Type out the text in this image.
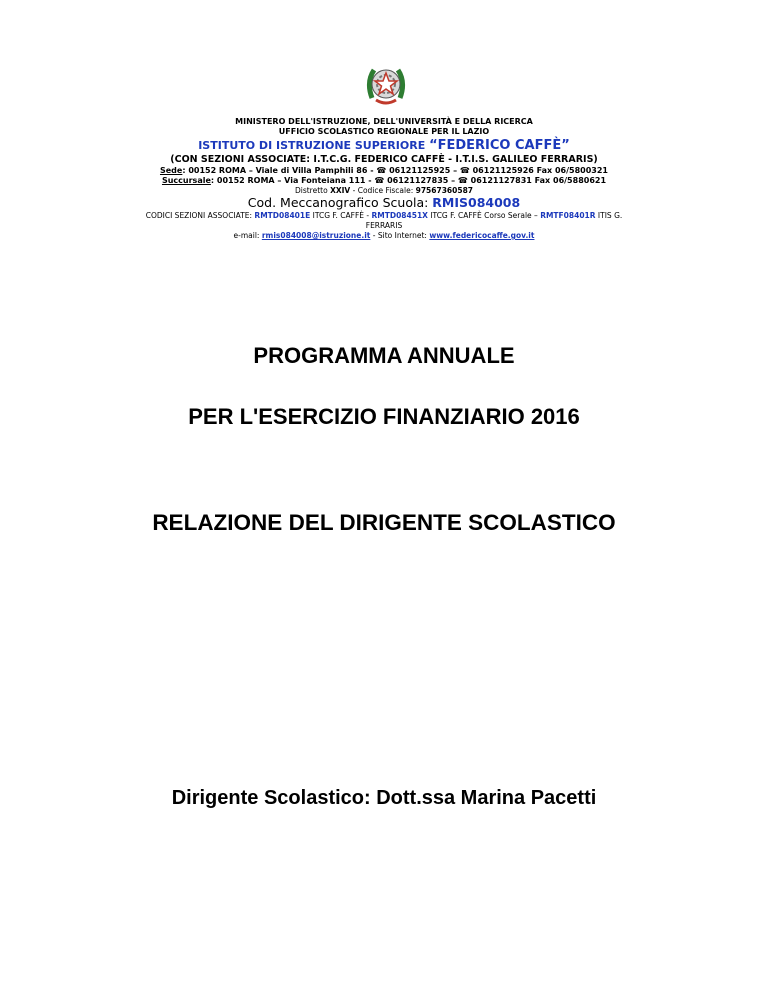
MINISTERO DELL'ISTRUZIONE, DELL'UNIVERSITÀ E DELLA RICERCA
UFFICIO SCOLASTICO REGIONALE PER IL LAZIO
ISTITUTO DI ISTRUZIONE SUPERIORE “FEDERICO CAFFÈ”
(CON SEZIONI ASSOCIATE: I.T.C.G. FEDERICO CAFFÈ - I.T.I.S. GALILEO FERRARIS)
Sede: 00152 ROMA – Viale di Villa Pamphili 86 - ☎ 06121125925 – ☎ 06121125926 Fax 06/5800321
Succursale: 00152 ROMA – Via Fonteiana 111 - ☎ 06121127835 – ☎ 06121127831 Fax 06/5880621
Distretto XXIV - Codice Fiscale: 97567360587
Cod. Meccanografico Scuola: RMIS084008
CODICI SEZIONI ASSOCIATE: RMTD08401E ITCG F. CAFFÈ - RMTD08451X ITCG F. CAFFÈ Corso Serale – RMTF08401R ITIS G.
FERRARIS
e-mail: rmis084008@istruzione.it - Sito Internet: www.federicocaffe.gov.it
PROGRAMMA ANNUALE
PER L'ESERCIZIO FINANZIARIO 2016
RELAZIONE DEL DIRIGENTE SCOLASTICO
Dirigente Scolastico: Dott.ssa Marina Pacetti
